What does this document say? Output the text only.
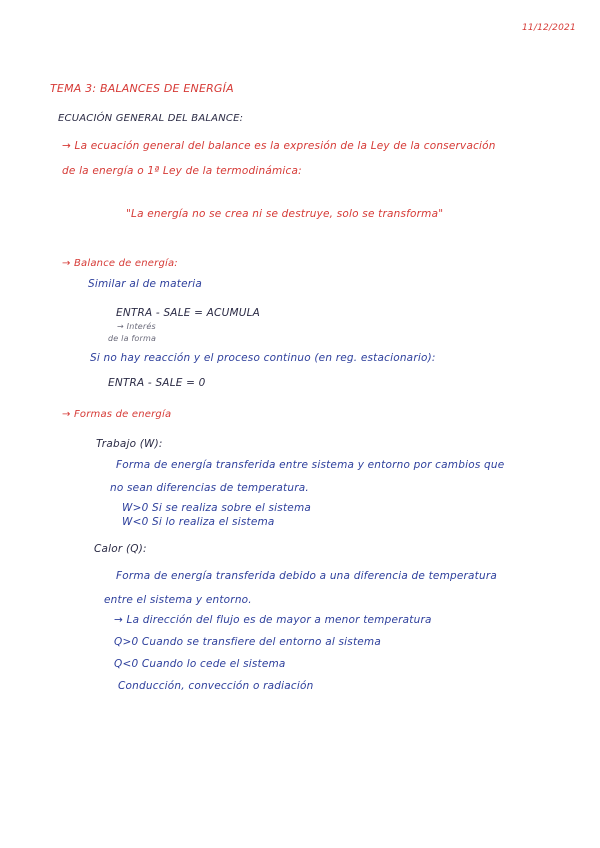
11/12/2021
TEMA 3: BALANCES DE ENERGÍA
ECUACIÓN GENERAL DEL BALANCE:
→ La ecuación general del balance es la expresión de la Ley de la conservación
de la energía o 1ª Ley de la termodinámica:
"La energía no se crea ni se destruye, solo se transforma"
→ Balance de energía:
Similar al de materia
ENTRA - SALE = ACUMULA
→ Interés
de la forma
Si no hay reacción y el proceso continuo (en reg. estacionario):
ENTRA - SALE = 0
→ Formas de energía
Trabajo (W):
Forma de energía transferida entre sistema y entorno por cambios que
no sean diferencias de temperatura.
W>0 Si se realiza sobre el sistema
W<0 Si lo realiza el sistema
Calor (Q):
Forma de energía transferida debido a una diferencia de temperatura
entre el sistema y entorno.
→ La dirección del flujo es de mayor a menor temperatura
Q>0 Cuando se transfiere del entorno al sistema
Q<0 Cuando lo cede el sistema
Conducción, convección o radiación
